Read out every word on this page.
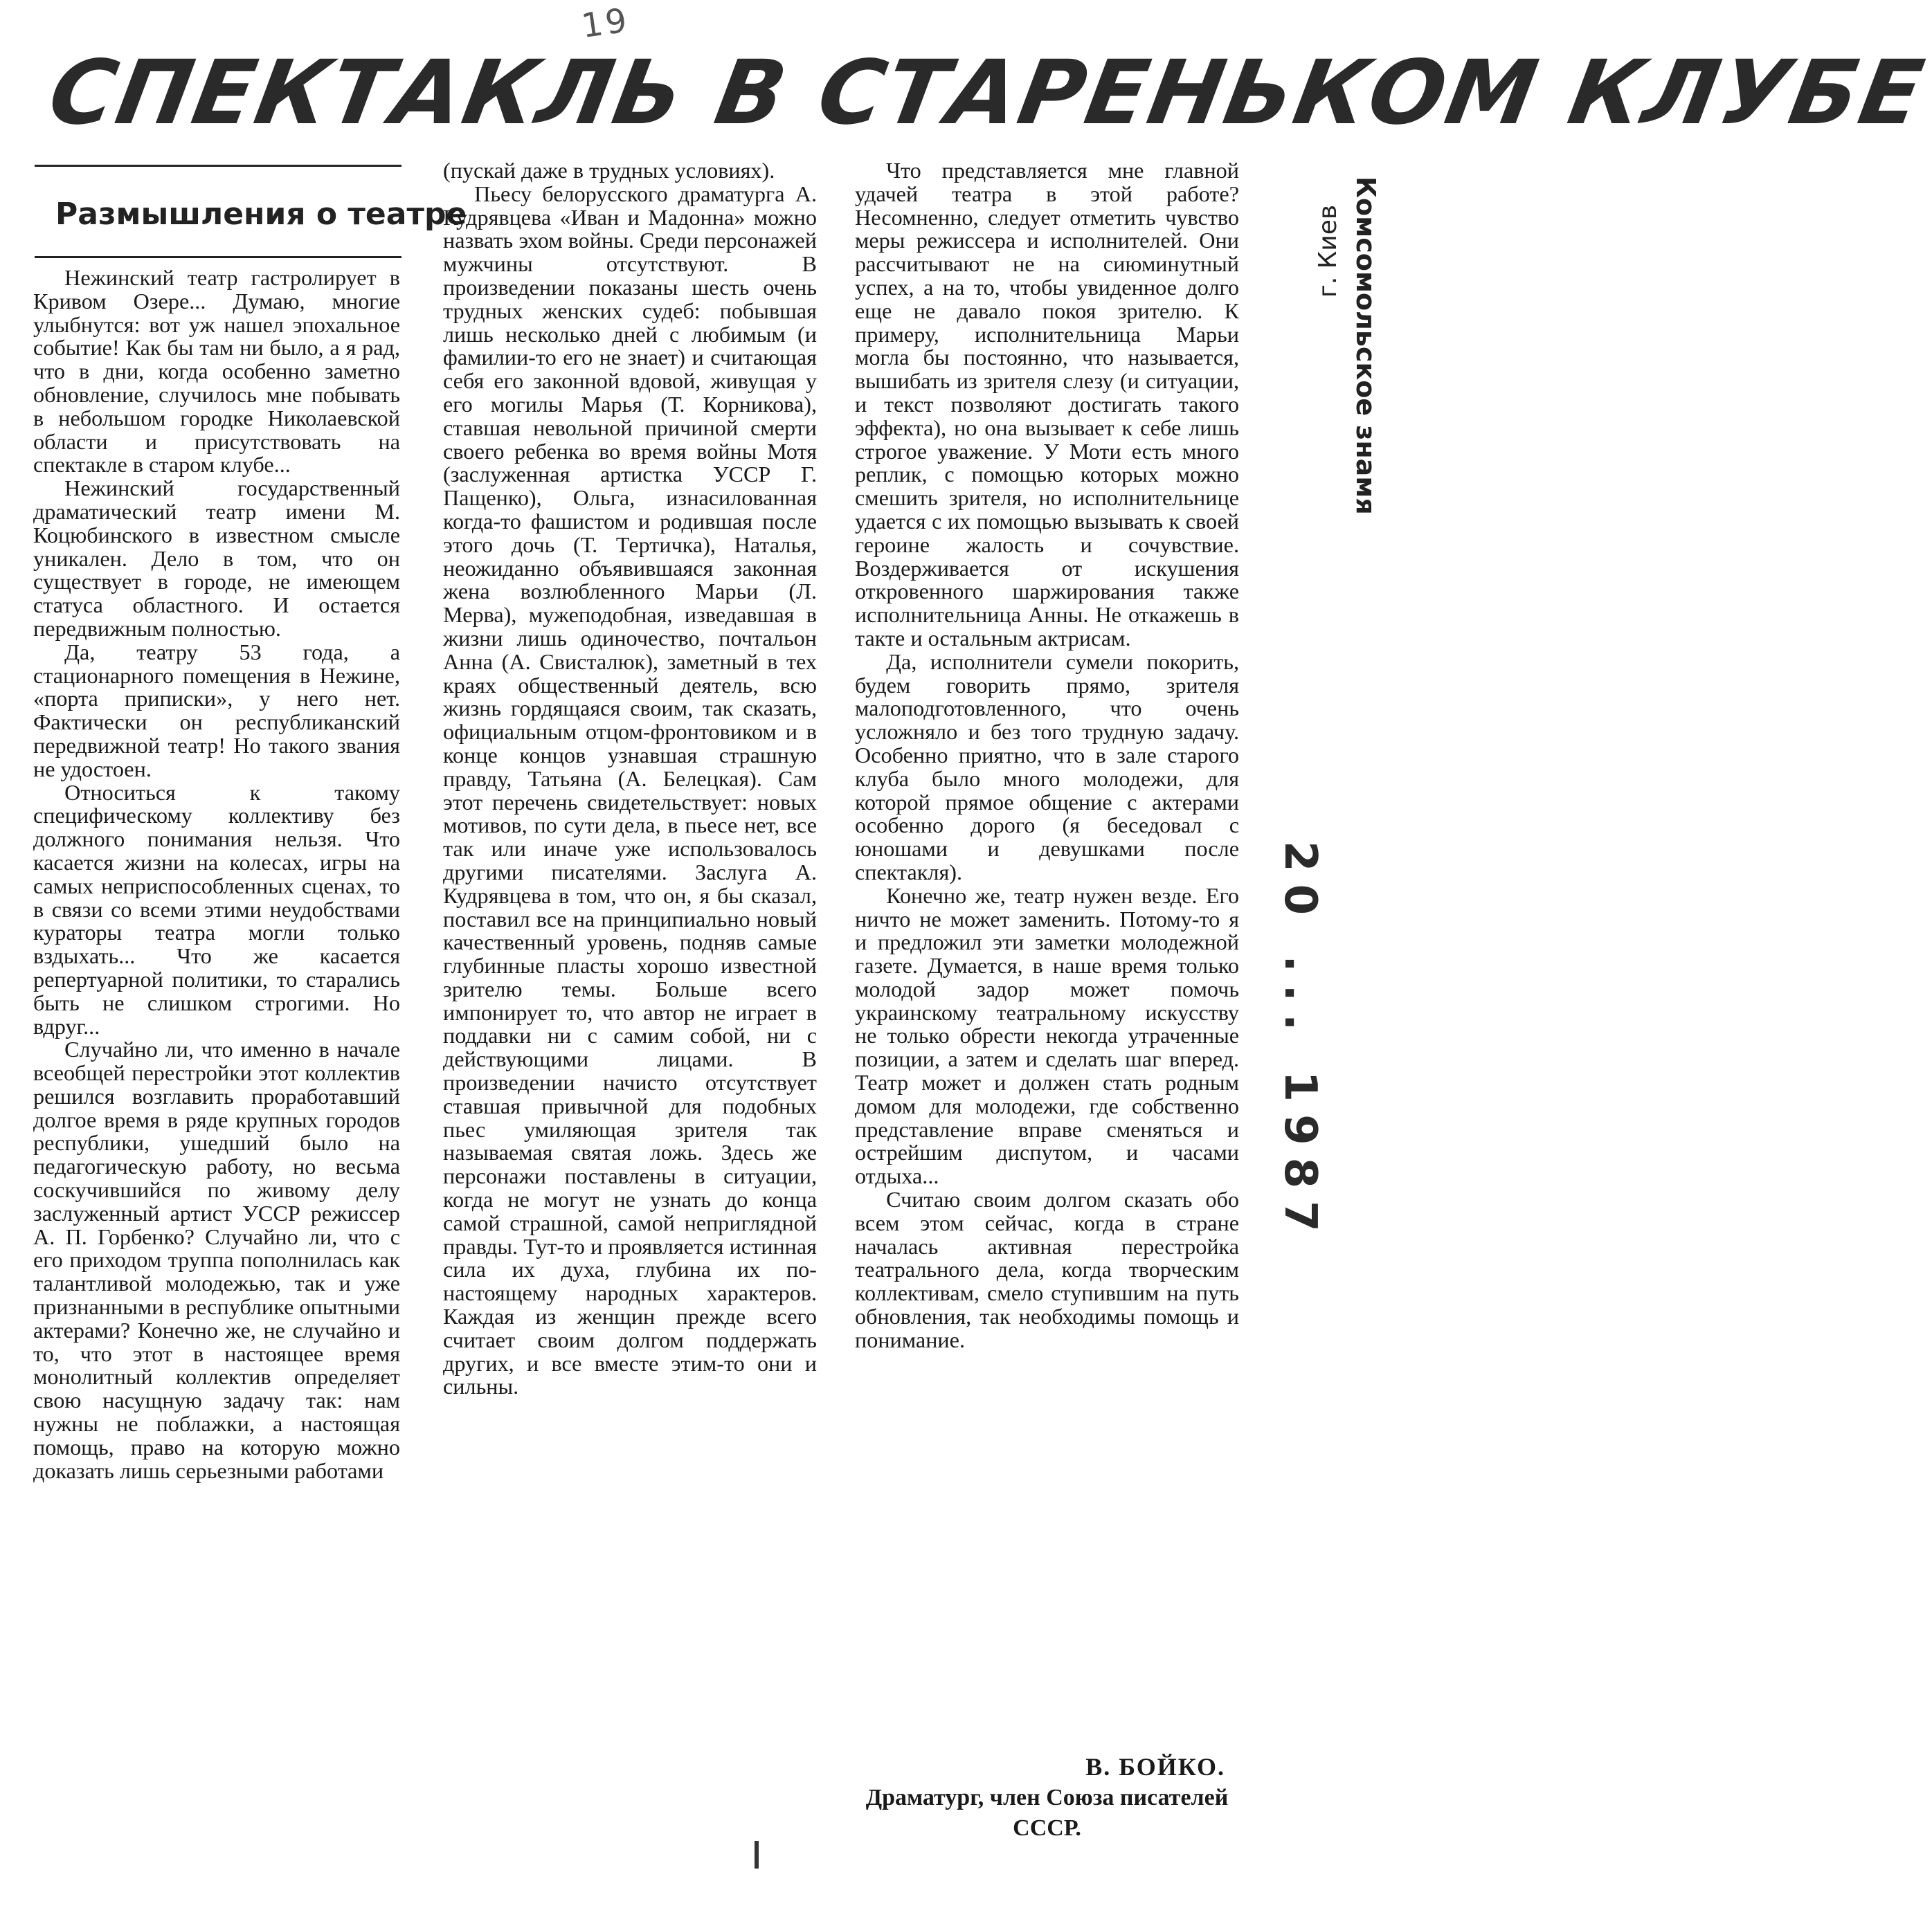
19
СПЕКТАКЛЬ В СТАРЕНЬКОМ КЛУБЕ
Размышления о театре

Нежинский театр гастролирует в Кривом Озере... Думаю, многие улыбнутся: вот уж нашел эпохальное событие! Как бы там ни было, а я рад, что в дни, когда особенно заметно обновление, случилось мне побывать в небольшом городке Николаевской области и присутствовать на спектакле в старом клубе...

Нежинский государственный драматический театр имени М. Коцюбинского в известном смысле уникален. Дело в том, что он существует в городе, не имеющем статуса областного. И остается передвижным полностью.

Да, театру 53 года, а стационарного помещения в Нежине, «порта приписки», у него нет. Фактически он республиканский передвижной театр! Но такого звания не удостоен.

Относиться к такому специфическому коллективу без должного понимания нельзя. Что касается жизни на колесах, игры на самых неприспособленных сценах, то в связи со всеми этими неудобствами кураторы театра могли только вздыхать... Что же касается репертуарной политики, то старались быть не слишком строгими. Но вдруг...

Случайно ли, что именно в начале всеобщей перестройки этот коллектив решился возглавить проработавший долгое время в ряде крупных городов республики, ушедший было на педагогическую работу, но весьма соскучившийся по живому делу заслуженный артист УССР режиссер А. П. Горбенко? Случайно ли, что с его приходом труппа пополнилась как талантливой молодежью, так и уже признанными в республике опытными актерами? Конечно же, не случайно и то, что этот в настоящее время монолитный коллектив определяет свою насущную задачу так: нам нужны не поблажки, а настоящая помощь, право на которую можно доказать лишь серьезными работами

(пускай даже в трудных условиях).

Пьесу белорусского драматурга А. Кудрявцева «Иван и Мадонна» можно назвать эхом войны. Среди персонажей мужчины отсутствуют. В произведении показаны шесть очень трудных женских судеб: побывшая лишь несколько дней с любимым (и фамилии-то его не знает) и считающая себя его законной вдовой, живущая у его могилы Марья (Т. Корникова), ставшая невольной причиной смерти своего ребенка во время войны Мотя (заслуженная артистка УССР Г. Пащенко), Ольга, изнасилованная когда-то фашистом и родившая после этого дочь (Т. Тертичка), Наталья, неожиданно объявившаяся законная жена возлюбленного Марьи (Л. Мерва), мужеподобная, изведавшая в жизни лишь одиночество, почтальон Анна (А. Свисталюк), заметный в тех краях общественный деятель, всю жизнь гордящаяся своим, так сказать, официальным отцом-фронтовиком и в конце концов узнавшая страшную правду, Татьяна (А. Белецкая). Сам этот перечень свидетельствует: новых мотивов, по сути дела, в пьесе нет, все так или иначе уже использовалось другими писателями. Заслуга А. Кудрявцева в том, что он, я бы сказал, поставил все на принципиально новый качественный уровень, подняв самые глубинные пласты хорошо известной зрителю темы. Больше всего импонирует то, что автор не играет в поддавки ни с самим собой, ни с действующими лицами. В произведении начисто отсутствует ставшая привычной для подобных пьес умиляющая зрителя так называемая святая ложь. Здесь же персонажи поставлены в ситуации, когда не могут не узнать до конца самой страшной, самой неприглядной правды. Тут-то и проявляется истинная сила их духа, глубина их по-настоящему народных характеров. Каждая из женщин прежде всего считает своим долгом поддержать других, и все вместе этим-то они и сильны.

Что представляется мне главной удачей театра в этой работе? Несомненно, следует отметить чувство меры режиссера и исполнителей. Они рассчитывают не на сиюминутный успех, а на то, чтобы увиденное долго еще не давало покоя зрителю. К примеру, исполнительница Марьи могла бы постоянно, что называется, вышибать из зрителя слезу (и ситуации, и текст позволяют достигать такого эффекта), но она вызывает к себе лишь строгое уважение. У Моти есть много реплик, с помощью которых можно смешить зрителя, но исполнительнице удается с их помощью вызывать к своей героине жалость и сочувствие. Воздерживается от искушения откровенного шаржирования также исполнительница Анны. Не откажешь в такте и остальным актрисам.

Да, исполнители сумели покорить, будем говорить прямо, зрителя малоподготовленного, что очень усложняло и без того трудную задачу. Особенно приятно, что в зале старого клуба было много молодежи, для которой прямое общение с актерами особенно дорого (я беседовал с юношами и девушками после спектакля).

Конечно же, театр нужен везде. Его ничто не может заменить. Потому-то я и предложил эти заметки молодежной газете. Думается, в наше время только молодой задор может помочь украинскому театральному искусству не только обрести некогда утраченные позиции, а затем и сделать шаг вперед. Театр может и должен стать родным домом для молодежи, где собственно представление вправе сменяться и острейшим диспутом, и часами отдыха...

Считаю своим долгом сказать обо всем этом сейчас, когда в стране началась активная перестройка театрального дела, когда творческим коллективам, смело ступившим на путь обновления, так необходимы помощь и понимание.

В. БОЙКО.
Драматург, член Союза писателей СССР.
Комсомольское знамя
г. Киев
20 ... 1987
